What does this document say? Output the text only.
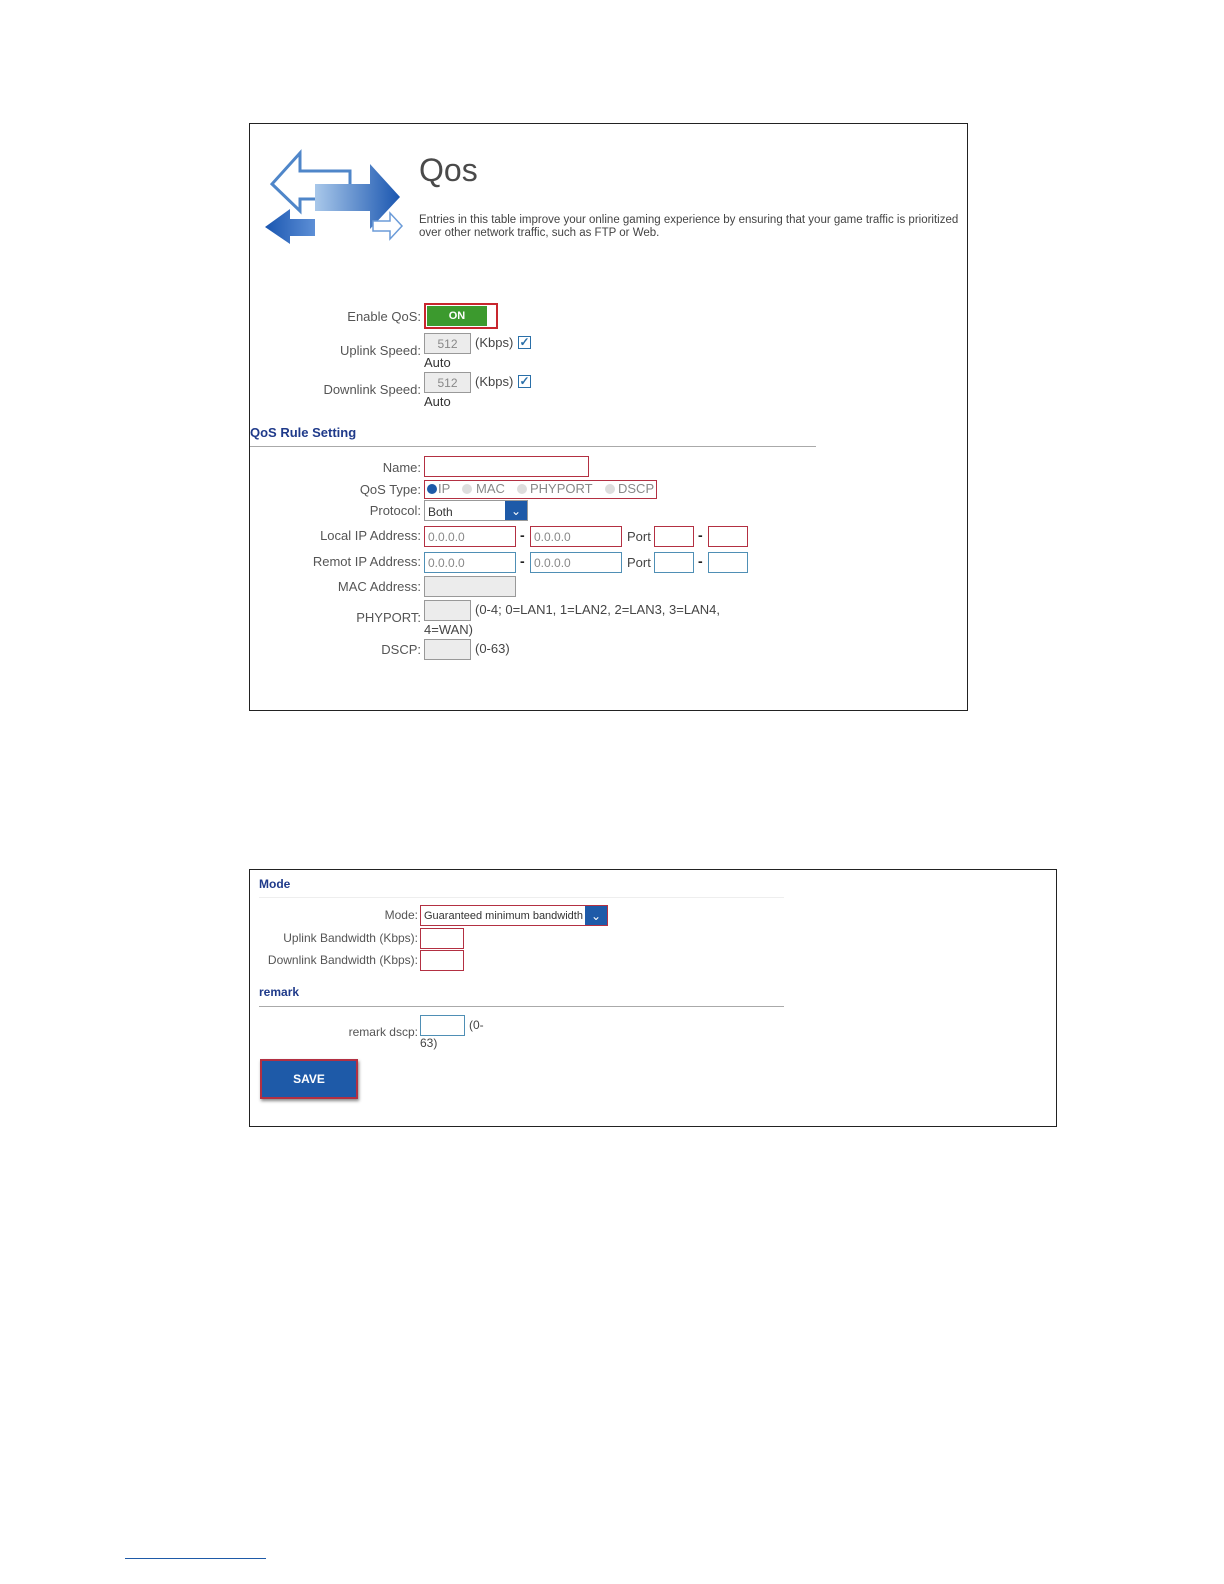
Qos
Entries in this table improve your online gaming experience by ensuring that your game traffic is prioritized over other network traffic, such as FTP or Web.
Enable QoS:	ON
Uplink Speed:	512	(Kbps) ✓
Auto
Downlink Speed:	512	(Kbps) ✓
Auto
QoS Rule Setting
Name:
QoS Type: IP MAC PHYPORT DSCP
Protocol: Both	⌄
Local IP Address: 0.0.0.0	- 0.0.0.0	Port	-
Remot IP Address: 0.0.0.0	- 0.0.0.0	Port	-
MAC Address:
PHYPORT:
(0-4; 0=LAN1, 1=LAN2, 2=LAN3, 3=LAN4,
4=WAN)
DSCP:	(0-63)
Mode
Mode: Guaranteed minimum bandwidth ⌄
Uplink Bandwidth (Kbps):
Downlink Bandwidth (Kbps):
remark
remark dscp:	(0-
63)
SAVE
